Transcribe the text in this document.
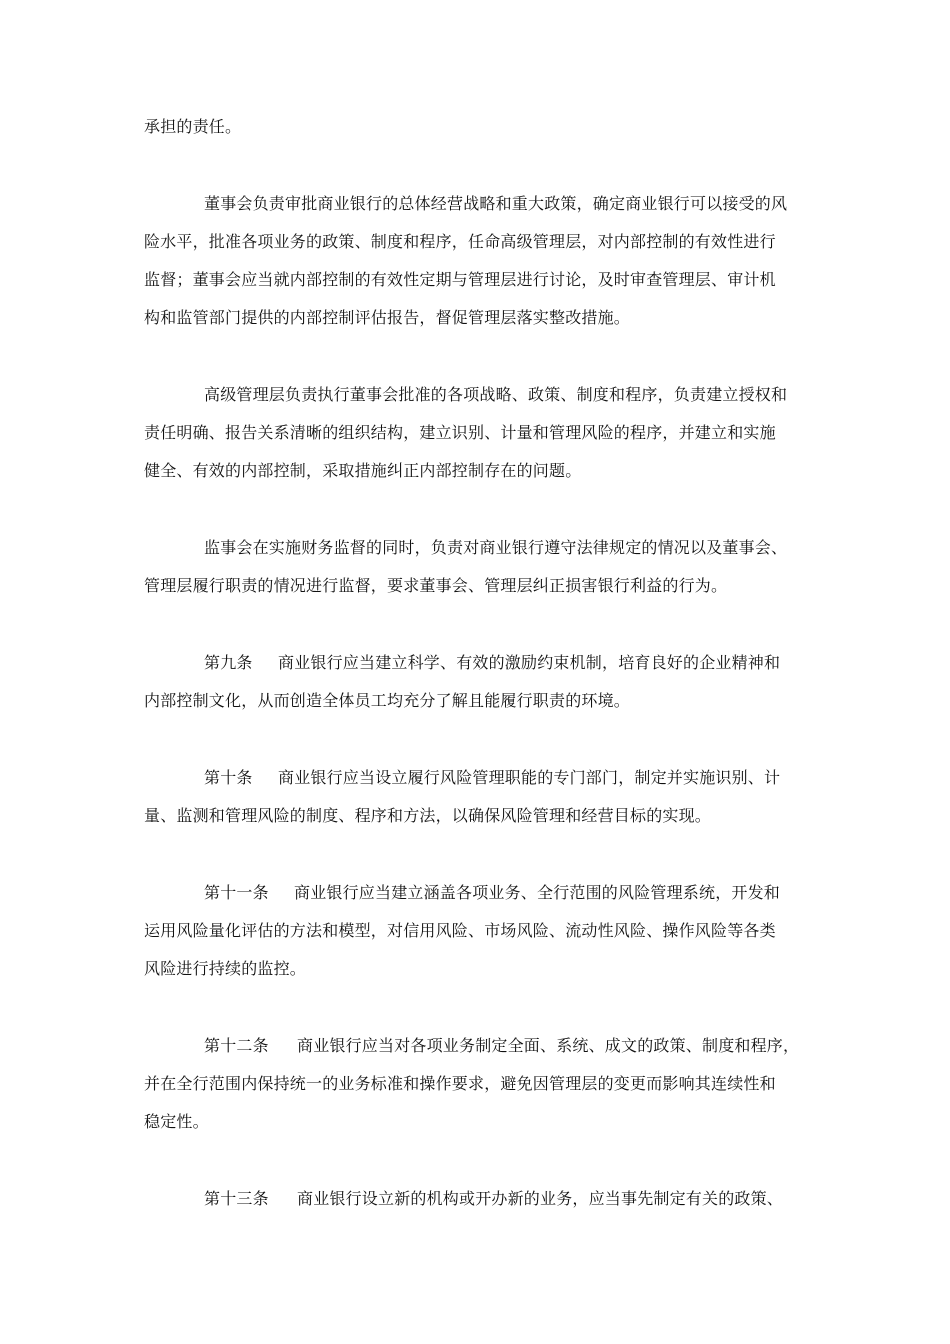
承担的责任。
董事会负责审批商业银行的总体经营战略和重大政策，确定商业银行可以接受的风
险水平，批准各项业务的政策、制度和程序，任命高级管理层，对内部控制的有效性进行
监督；董事会应当就内部控制的有效性定期与管理层进行讨论，及时审查管理层、审计机
构和监管部门提供的内部控制评估报告，督促管理层落实整改措施。
高级管理层负责执行董事会批准的各项战略、政策、制度和程序，负责建立授权和
责任明确、报告关系清晰的组织结构，建立识别、计量和管理风险的程序，并建立和实施
健全、有效的内部控制，采取措施纠正内部控制存在的问题。
监事会在实施财务监督的同时，负责对商业银行遵守法律规定的情况以及董事会、
管理层履行职责的情况进行监督，要求董事会、管理层纠正损害银行利益的行为。
第九条 商业银行应当建立科学、有效的激励约束机制，培育良好的企业精神和
内部控制文化，从而创造全体员工均充分了解且能履行职责的环境。
第十条 商业银行应当设立履行风险管理职能的专门部门，制定并实施识别、计
量、监测和管理风险的制度、程序和方法，以确保风险管理和经营目标的实现。
第十一条 商业银行应当建立涵盖各项业务、全行范围的风险管理系统，开发和
运用风险量化评估的方法和模型，对信用风险、市场风险、流动性风险、操作风险等各类
风险进行持续的监控。
第十二条 商业银行应当对各项业务制定全面、系统、成文的政策、制度和程序，
并在全行范围内保持统一的业务标准和操作要求，避免因管理层的变更而影响其连续性和
稳定性。
第十三条 商业银行设立新的机构或开办新的业务，应当事先制定有关的政策、
